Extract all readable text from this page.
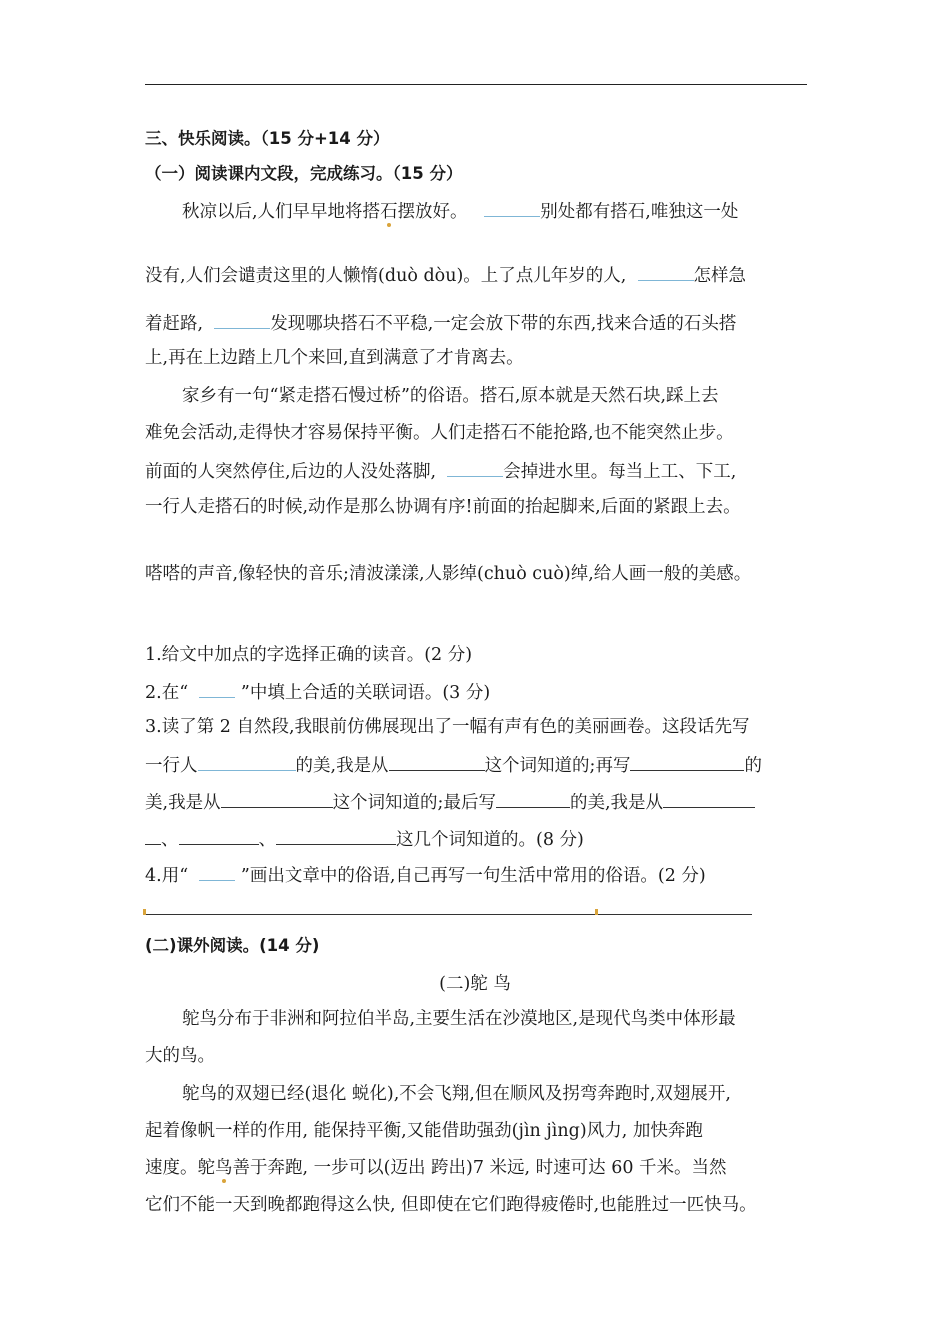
三、快乐阅读。（15 分+14 分）
（一）阅读课内文段，完成练习。（15 分）
秋凉以后,人们早早地将搭石摆放好。	别处都有搭石,唯独这一处
没有,人们会谴责这里的人懒惰(duò dòu)。上了点儿年岁的人,	怎样急
着赶路,	发现哪块搭石不平稳,一定会放下带的东西,找来合适的石头搭
上,再在上边踏上几个来回,直到满意了才肯离去。
家乡有一句“紧走搭石慢过桥”的俗语。搭石,原本就是天然石块,踩上去
难免会活动,走得快才容易保持平衡。人们走搭石不能抢路,也不能突然止步。
前面的人突然停住,后边的人没处落脚,	会掉进水里。每当上工、下工,
一行人走搭石的时候,动作是那么协调有序!前面的抬起脚来,后面的紧跟上去。
嗒嗒的声音,像轻快的音乐;清波漾漾,人影绰(chuò cuò)绰,给人画一般的美感。
1.给文中加点的字选择正确的读音。(2 分)
2.在“	”中填上合适的关联词语。(3 分)
3.读了第 2 自然段,我眼前仿佛展现出了一幅有声有色的美丽画卷。这段话先写
一行人	的美,我是从	这个词知道的;再写	的
美,我是从	这个词知道的;最后写	的美,我是从
、	、	这几个词知道的。(8 分)
4.用“	”画出文章中的俗语,自己再写一句生活中常用的俗语。(2 分)
(二)课外阅读。(14 分)
(二)鸵 鸟
鸵鸟分布于非洲和阿拉伯半岛,主要生活在沙漠地区,是现代鸟类中体形最
大的鸟。
鸵鸟的双翅已经(退化 蜕化),不会飞翔,但在顺风及拐弯奔跑时,双翅展开,
起着像帆一样的作用, 能保持平衡,又能借助强劲(jìn jìng)风力, 加快奔跑
速度。鸵鸟善于奔跑, 一步可以(迈出 跨出)7 米远, 时速可达 60 千米。当然
它们不能一天到晚都跑得这么快, 但即使在它们跑得疲倦时,也能胜过一匹快马。
